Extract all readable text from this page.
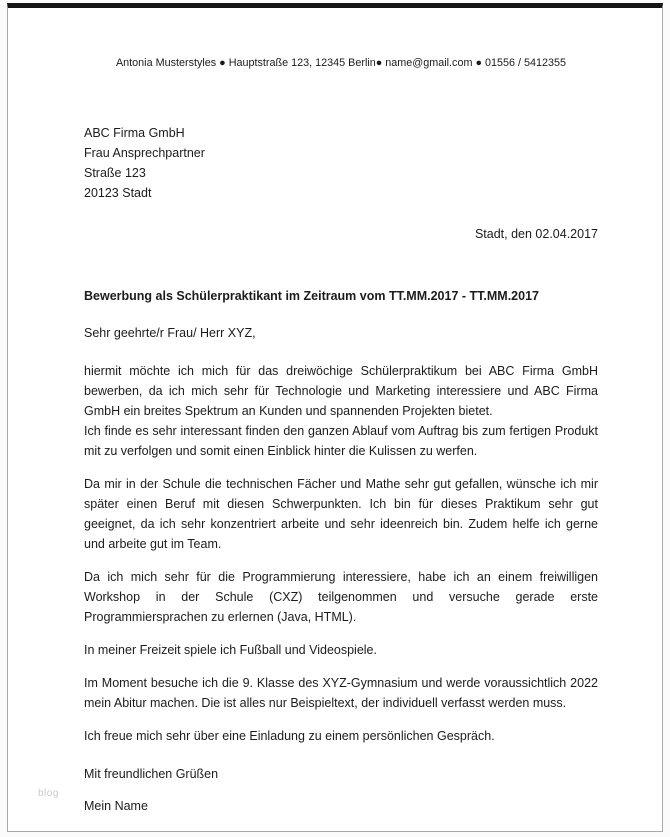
Antonia Musterstyles ● Hauptstraße 123, 12345 Berlin● name@gmail.com ● 01556 / 5412355
ABC Firma GmbH
Frau Ansprechpartner
Straße 123
20123 Stadt
Stadt, den 02.04.2017
Bewerbung als Schülerpraktikant im Zeitraum vom TT.MM.2017 - TT.MM.2017
Sehr geehrte/r Frau/ Herr XYZ,

hiermit möchte ich mich für das dreiwöchige Schülerpraktikum bei ABC Firma GmbH bewerben, da ich mich sehr für Technologie und Marketing interessiere und ABC Firma GmbH ein breites Spektrum an Kunden und spannenden Projekten bietet.

Ich finde es sehr interessant finden den ganzen Ablauf vom Auftrag bis zum fertigen Produkt mit zu verfolgen und somit einen Einblick hinter die Kulissen zu werfen.

Da mir in der Schule die technischen Fächer und Mathe sehr gut gefallen, wünsche ich mir später einen Beruf mit diesen Schwerpunkten. Ich bin für dieses Praktikum sehr gut geeignet, da ich sehr konzentriert arbeite und sehr ideenreich bin. Zudem helfe ich gerne und arbeite gut im Team.

Da ich mich sehr für die Programmierung interessiere, habe ich an einem freiwilligen Workshop in der Schule (CXZ) teilgenommen und versuche gerade erste Programmiersprachen zu erlernen (Java, HTML).

In meiner Freizeit spiele ich Fußball und Videospiele.

Im Moment besuche ich die 9. Klasse des XYZ-Gymnasium und werde voraussichtlich 2022 mein Abitur machen. Die ist alles nur Beispieltext, der individuell verfasst werden muss.

Ich freue mich sehr über eine Einladung zu einem persönlichen Gespräch.

Mit freundlichen Grüßen
Mein Name
blog
